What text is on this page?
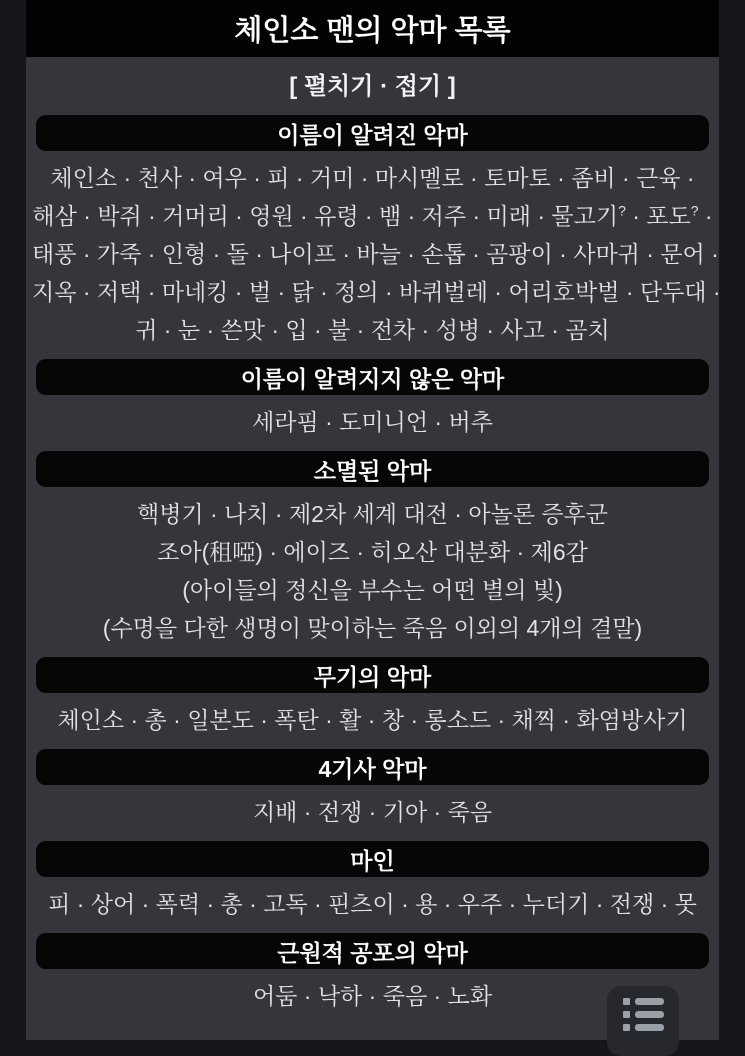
체인소 맨의 악마 목록
[ 펼치기 · 접기 ]
이름이 알려진 악마
체인소 · 천사 · 여우 · 피 · 거미 · 마시멜로 · 토마토 · 좀비 · 근육 ·
해삼 · 박쥐 · 거머리 · 영원 · 유령 · 뱀 · 저주 · 미래 · 물고기? · 포도? ·
태풍 · 가죽 · 인형 · 돌 · 나이프 · 바늘 · 손톱 · 곰팡이 · 사마귀 · 문어 ·
지옥 · 저택 · 마네킹 · 벌 · 닭 · 정의 · 바퀴벌레 · 어리호박벌 · 단두대 ·
귀 · 눈 · 쓴맛 · 입 · 불 · 전차 · 성병 · 사고 · 곰치
이름이 알려지지 않은 악마
세라핌 · 도미니언 · 버추
소멸된 악마
핵병기 · 나치 · 제2차 세계 대전 · 아놀론 증후군
조아(租啞) · 에이즈 · 히오산 대분화 · 제6감
(아이들의 정신을 부수는 어떤 별의 빛)
(수명을 다한 생명이 맞이하는 죽음 이외의 4개의 결말)
무기의 악마
체인소 · 총 · 일본도 · 폭탄 · 활 · 창 · 롱소드 · 채찍 · 화염방사기
4기사 악마
지배 · 전쟁 · 기아 · 죽음
마인
피 · 상어 · 폭력 · 총 · 고독 · 핀츠이 · 용 · 우주 · 누더기 · 전쟁 · 못
근원적 공포의 악마
어둠 · 낙하 · 죽음 · 노화
